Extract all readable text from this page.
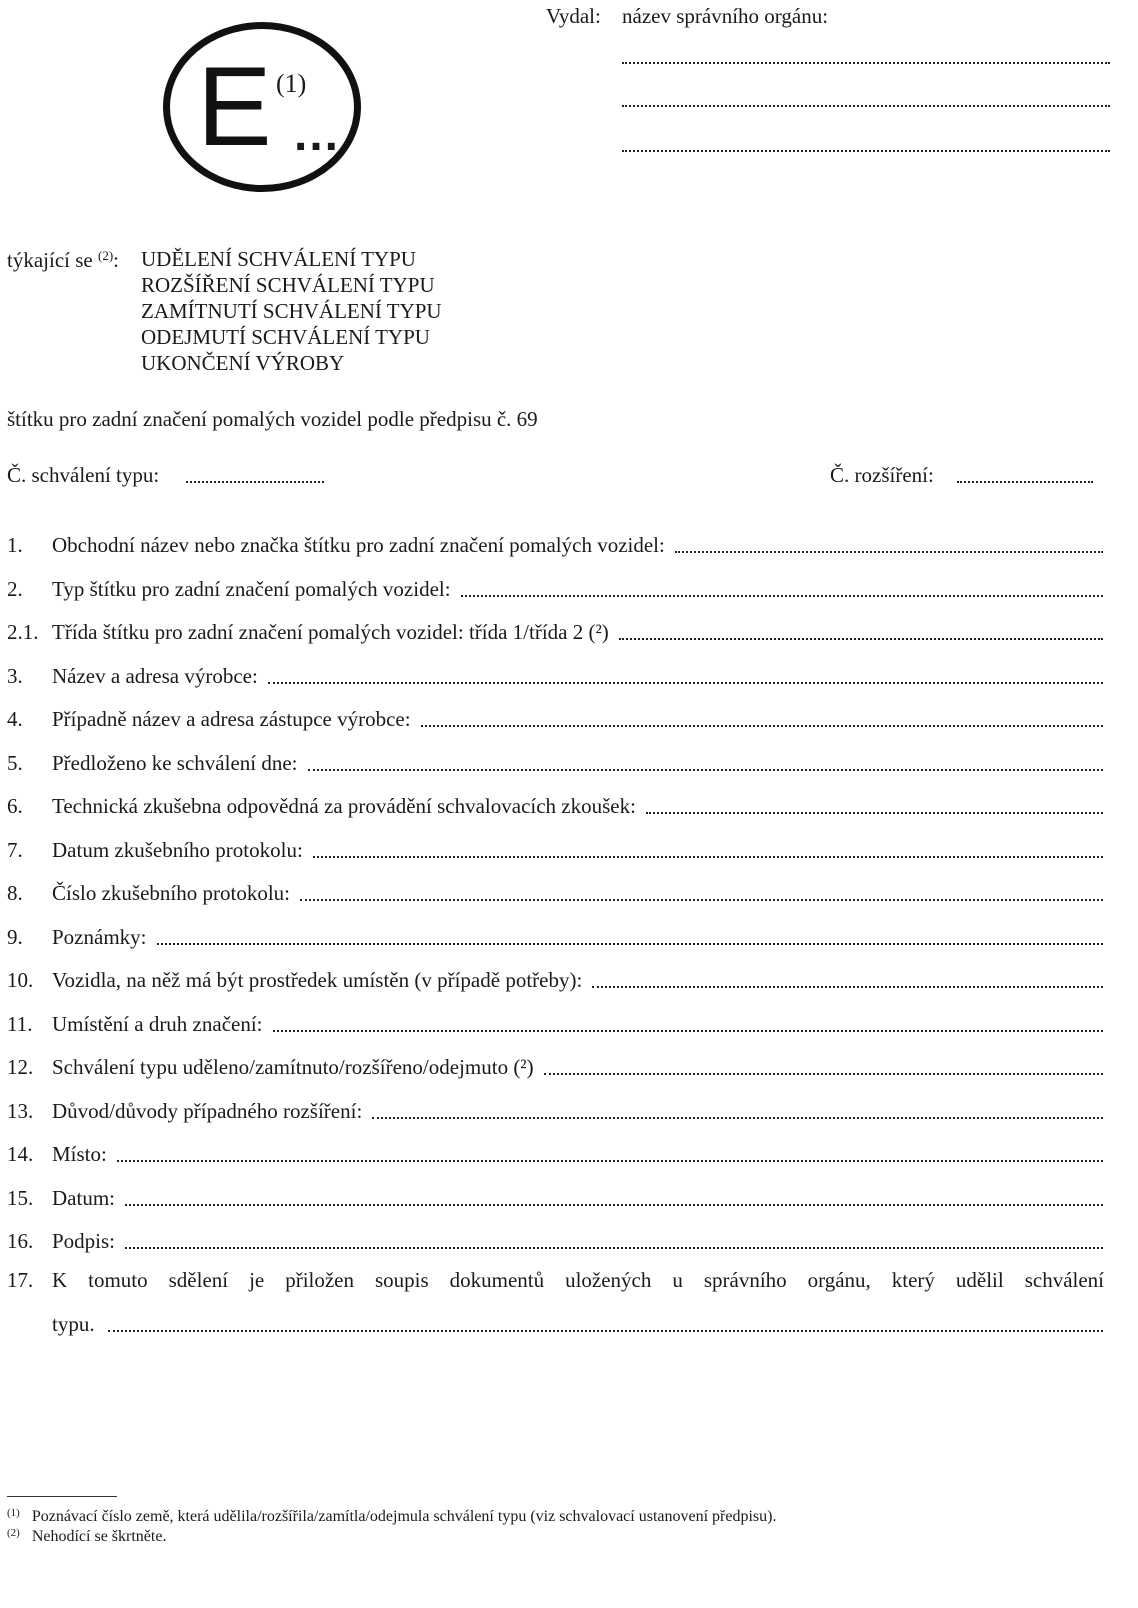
Vydal: název správního orgánu:
E (1)
...
týkající se $^{(2)}$: UDĚLENÍ SCHVÁLENÍ TYPU
ROZŠÍŘENÍ SCHVÁLENÍ TYPU
ZAMÍTNUTÍ SCHVÁLENÍ TYPU
ODEJMUTÍ SCHVÁLENÍ TYPU
UKONČENÍ VÝROBY
štítku pro zadní značení pomalých vozidel podle předpisu č. 69
Č. schválení typu:	Č. rozšíření:
1. Obchodní název nebo značka štítku pro zadní značení pomalých vozidel:
2. Typ štítku pro zadní značení pomalých vozidel:
2.1. Třída štítku pro zadní značení pomalých vozidel: třída 1/třída 2 (²)
3. Název a adresa výrobce:
4. Případně název a adresa zástupce výrobce:
5. Předloženo ke schválení dne:
6. Technická zkušebna odpovědná za provádění schvalovacích zkoušek:
7. Datum zkušebního protokolu:
8. Číslo zkušebního protokolu:
9. Poznámky:
10. Vozidla, na něž má být prostředek umístěn (v případě potřeby):
11. Umístění a druh značení:
12. Schválení typu uděleno/zamítnuto/rozšířeno/odejmuto (²)
13. Důvod/důvody případného rozšíření:
14. Místo:
15. Datum:
16. Podpis:
17. K tomuto sdělení je přiložen soupis dokumentů uložených u správního orgánu, který udělil schválení
typu.
$^{(1)}$ Poznávací číslo země, která udělila/rozšířila/zamítla/odejmula schválení typu (viz schvalovací ustanovení předpisu).
$^{(2)}$ Nehodící se škrtněte.
